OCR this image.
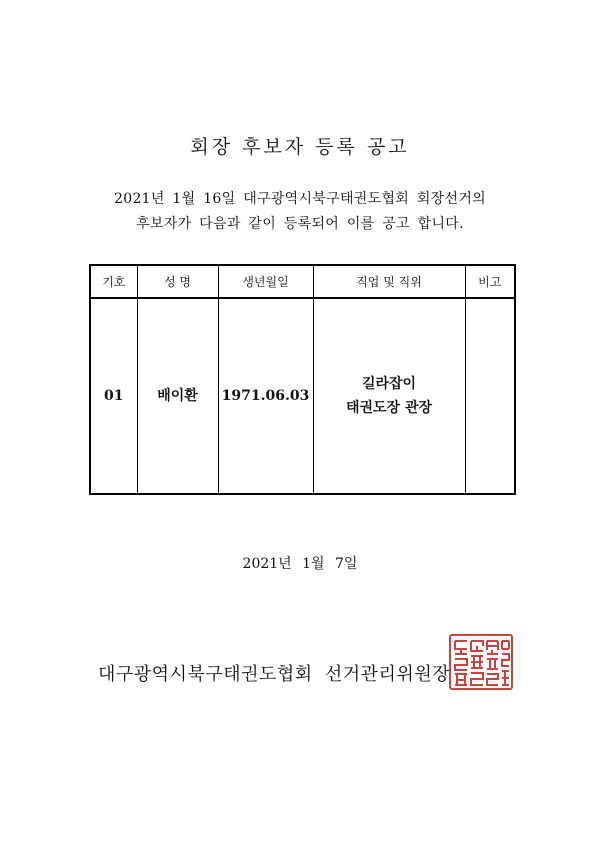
회장 후보자 등록 공고
2021년 1월 16일 대구광역시북구태권도협회 회장선거의
후보자가 다음과 같이 등록되어 이를 공고 합니다.
기호	성 명	생년월일	직업 및 직위	비고
01	배이환	1971.06.03	길라잡이
태권도장 관장	

2021년 1월 7일
대구광역시북구태권도협회 선거관리위원장
